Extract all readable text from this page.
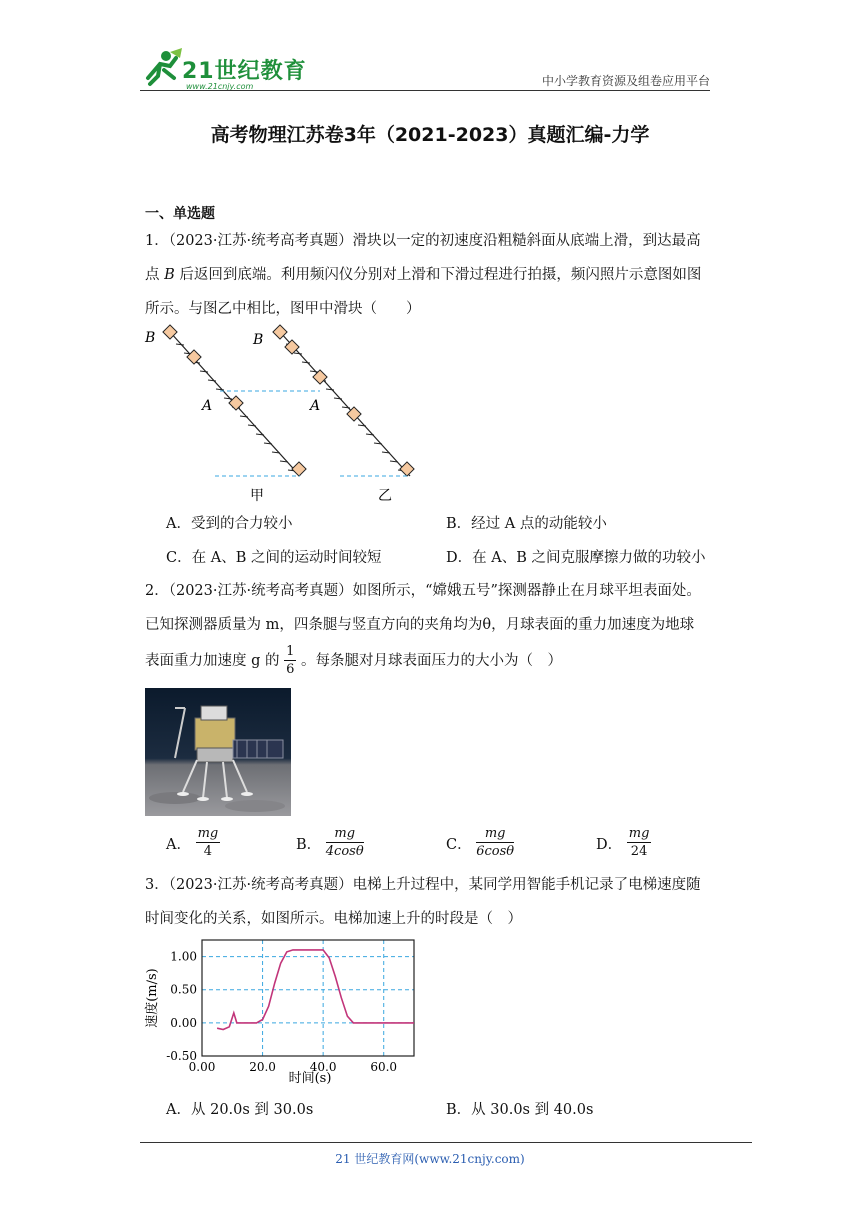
21世纪教育
www.21cnjy.com	中小学教育资源及组卷应用平台
高考物理江苏卷3年（2021-2023）真题汇编-力学
一、单选题
1．（2023·江苏·统考高考真题）滑块以一定的初速度沿粗糙斜面从底端上滑，到达最高
点 B 后返回到底端。利用频闪仪分别对上滑和下滑过程进行拍摄，频闪照片示意图如图
所示。与图乙中相比，图甲中滑块（　　）
B
A
B
A
甲	乙
A．受到的合力较小	B．经过 A 点的动能较小
C．在 A、B 之间的运动时间较短	D．在 A、B 之间克服摩擦力做的功较小
2．（2023·江苏·统考高考真题）如图所示，“嫦娥五号”探测器静止在月球平坦表面处。
已知探测器质量为 m，四条腿与竖直方向的夹角均为θ，月球表面的重力加速度为地球
表面重力加速度 g 的 $\frac{1}{6}$ 。每条腿对月球表面压力的大小为（　）
A． $\frac{mg}{4}$	B． $\frac{mg}{4\cos\theta}$	C． $\frac{mg}{6\cos\theta}$	D． $\frac{mg}{24}$
3．（2023·江苏·统考高考真题）电梯上升过程中，某同学用智能手机记录了电梯速度随
时间变化的关系，如图所示。电梯加速上升的时段是（　）
1.00
0.50
0.00
-0.50
0.00	20.0	40.0	60.0
时间(s)
速度(m/s)
A．从 20.0s 到 30.0s	B．从 30.0s 到 40.0s
21 世纪教育网(www.21cnjy.com)
